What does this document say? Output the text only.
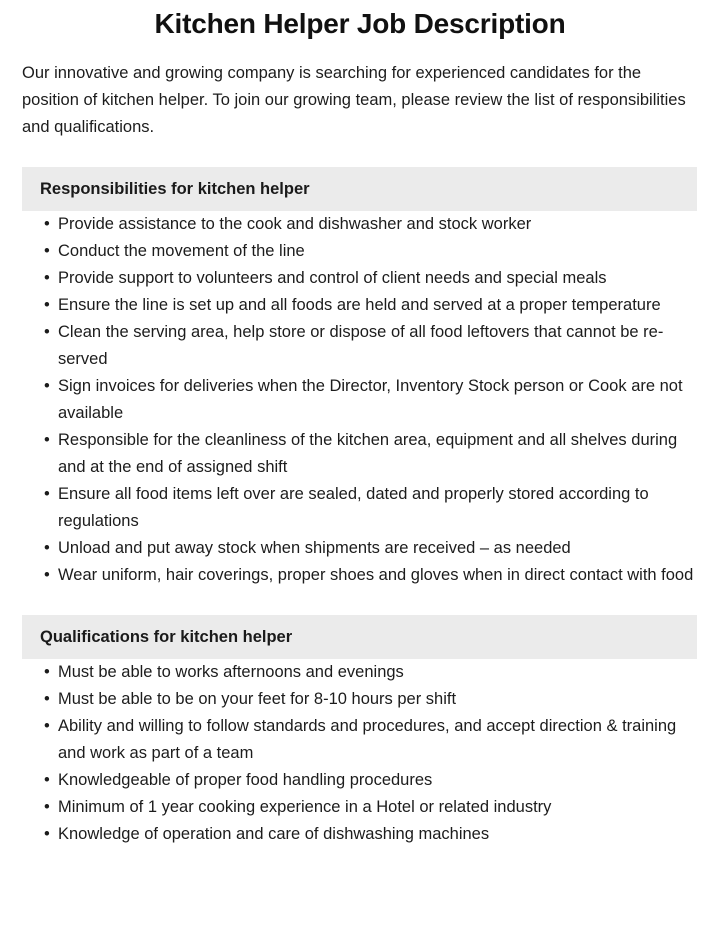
Kitchen Helper Job Description

Our innovative and growing company is searching for experienced candidates for the position of kitchen helper. To join our growing team, please review the list of responsibilities and qualifications.

Responsibilities for kitchen helper
• Provide assistance to the cook and dishwasher and stock worker
• Conduct the movement of the line
• Provide support to volunteers and control of client needs and special meals
• Ensure the line is set up and all foods are held and served at a proper temperature
• Clean the serving area, help store or dispose of all food leftovers that cannot be re-served
• Sign invoices for deliveries when the Director, Inventory Stock person or Cook are not available
• Responsible for the cleanliness of the kitchen area, equipment and all shelves during and at the end of assigned shift
• Ensure all food items left over are sealed, dated and properly stored according to regulations
• Unload and put away stock when shipments are received – as needed
• Wear uniform, hair coverings, proper shoes and gloves when in direct contact with food
Qualifications for kitchen helper
• Must be able to works afternoons and evenings
• Must be able to be on your feet for 8-10 hours per shift
• Ability and willing to follow standards and procedures, and accept direction & training and work as part of a team
• Knowledgeable of proper food handling procedures
• Minimum of 1 year cooking experience in a Hotel or related industry
• Knowledge of operation and care of dishwashing machines
